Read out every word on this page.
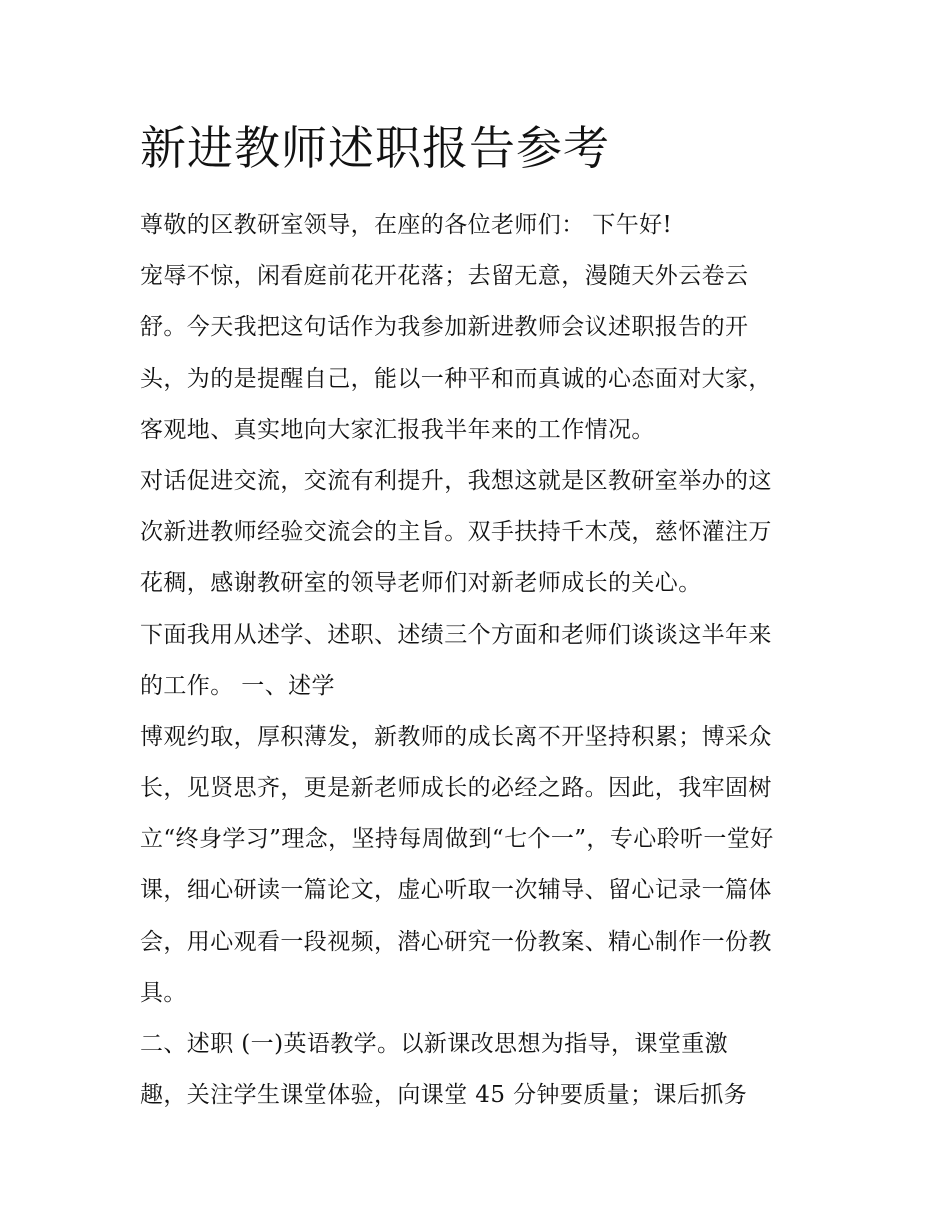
新进教师述职报告参考
尊敬的区教研室领导，在座的各位老师们： 下午好!
宠辱不惊，闲看庭前花开花落；去留无意，漫随天外云卷云
舒。今天我把这句话作为我参加新进教师会议述职报告的开
头，为的是提醒自己，能以一种平和而真诚的心态面对大家，
客观地、真实地向大家汇报我半年来的工作情况。
对话促进交流，交流有利提升，我想这就是区教研室举办的这
次新进教师经验交流会的主旨。双手扶持千木茂，慈怀灌注万
花稠，感谢教研室的领导老师们对新老师成长的关心。
下面我用从述学、述职、述绩三个方面和老师们谈谈这半年来
的工作。 一、述学
博观约取，厚积薄发，新教师的成长离不开坚持积累；博采众
长，见贤思齐，更是新老师成长的必经之路。因此，我牢固树
立“终身学习”理念，坚持每周做到“七个一”，专心聆听一堂好
课，细心研读一篇论文，虚心听取一次辅导、留心记录一篇体
会，用心观看一段视频，潜心研究一份教案、精心制作一份教
具。
二、述职 (一)英语教学。以新课改思想为指导，课堂重激
趣，关注学生课堂体验，向课堂 45 分钟要质量；课后抓务
